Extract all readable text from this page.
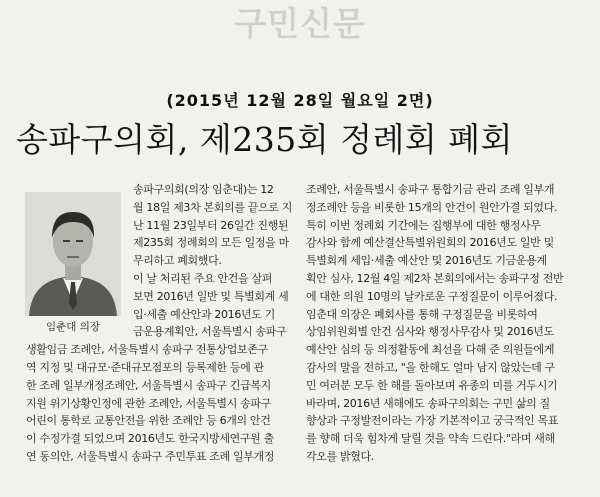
구민신문
(2015년 12월 28일 월요일 2면)
송파구의회, 제235회 정례회 폐회
임춘대 의장
송파구의회(의장 임춘대)는 12
월 18일 제3차 본회의를 끝으로 지
난 11월 23일부터 26일간 진행된
제235회 정례회의 모든 일정을 마
무리하고 폐회했다.
이 날 처리된 주요 안건을 살펴
보면 2016년 일반 및 특별회계 세
입·세출 예산안과 2016년도 기
금운용계획안, 서울특별시 송파구
생활임금 조례안, 서울특별시 송파구 전통상업보존구
역 지정 및 대규모·준대규모점포의 등록제한 등에 관
한 조례 일부개정조례안, 서울특별시 송파구 긴급복지
지원 위기상황인정에 관한 조례안, 서울특별시 송파구
어린이 통학로 교통안전을 위한 조례안 등 6개의 안건
이 수정가결 되었으며 2016년도 한국지방세연구원 출
연 동의안, 서울특별시 송파구 주민투표 조례 일부개정
조례안, 서울특별시 송파구 통합기금 관리 조례 일부개
정조례안 등을 비롯한 15개의 안건이 원안가결 되었다.
특히 이번 정례회 기간에는 집행부에 대한 행정사무
감사와 함께 예산결산특별위원회의 2016년도 일반 및
특별회계 세입·세출 예산안 및 2016년도 기금운용계
획안 심사, 12월 4일 제2차 본회의에서는 송파구정 전반
에 대한 의원 10명의 날카로운 구정질문이 이루어졌다.
임춘대 의장은 폐회사를 통해 구정질문을 비롯하여
상임위원회별 안건 심사와 행정사무감사 및 2016년도
예산안 심의 등 의정활동에 최선을 다해 준 의원들에게
감사의 말을 전하고, "올 한해도 얼마 남지 않았는데 구
민 여러분 모두 한 해를 돌아보며 유종의 미를 거두시기
바라며, 2016년 새해에도 송파구의회는 구민 삶의 질
향상과 구정발전이라는 가장 기본적이고 궁극적인 목표
를 향해 더욱 힘차게 달릴 것을 약속 드린다."라며 새해
각오를 밝혔다.
